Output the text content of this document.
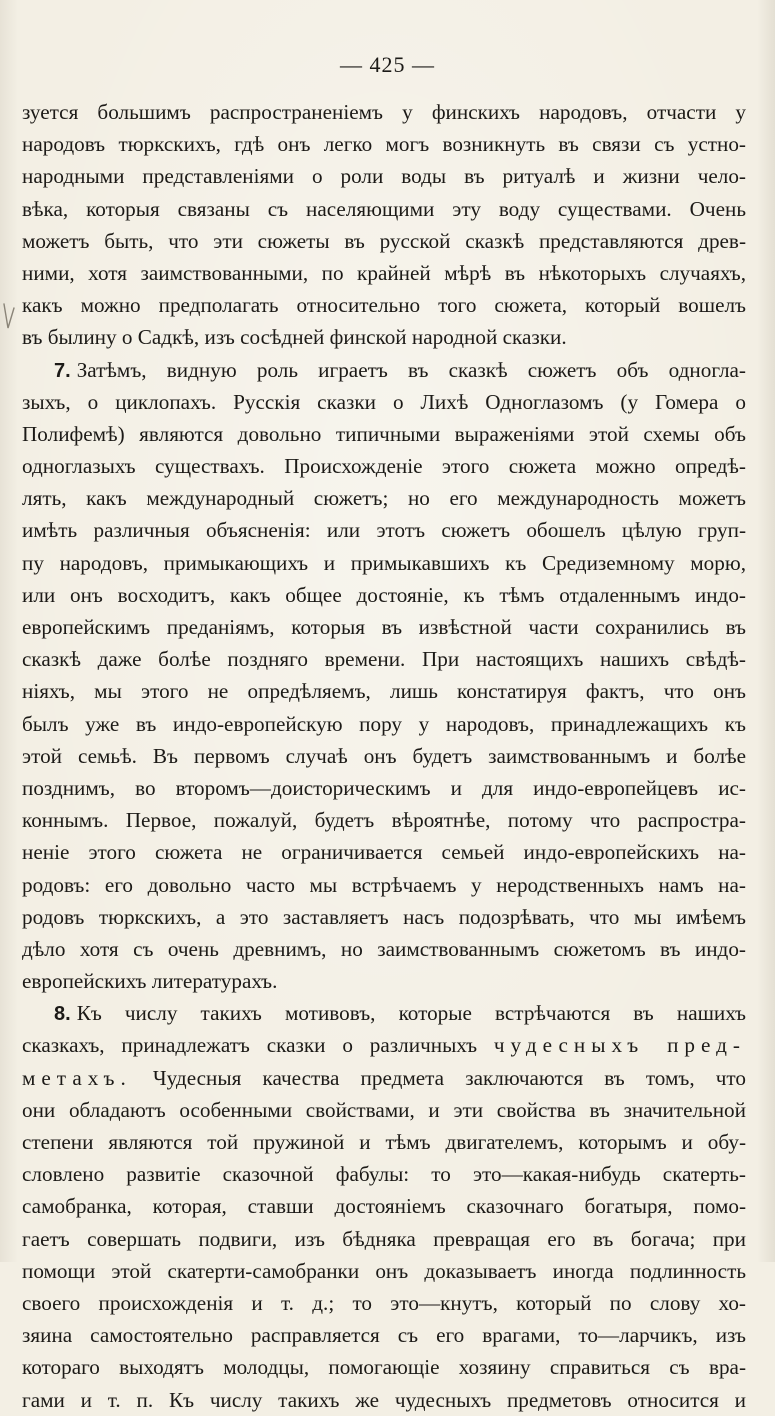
— 425 —
зуется большимъ распространеніемъ у финскихъ народовъ, отчасти у
народовъ тюркскихъ, гдѣ онъ легко могъ возникнуть въ связи съ устно-
народными представленіями о роли воды въ ритуалѣ и жизни чело-
вѣка, которыя связаны съ населяющими эту воду существами. Очень
можетъ быть, что эти сюжеты въ русской сказкѣ представляются древ-
ними, хотя заимствованными, по крайней мѣрѣ въ нѣкоторыхъ случаяхъ,
какъ можно предполагать относительно того сюжета, который вошелъ
въ былину о Садкѣ, изъ сосѣдней финской народной сказки.
7. Затѣмъ, видную роль играетъ въ сказкѣ сюжетъ объ одногла-
зыхъ, о циклопахъ. Русскія сказки о Лихѣ Одноглазомъ (у Гомера о
Полифемѣ) являются довольно типичными выраженіями этой схемы объ
одноглазыхъ существахъ. Происхожденіе этого сюжета можно опредѣ-
лять, какъ международный сюжетъ; но его международность можетъ
имѣть различныя объясненія: или этотъ сюжетъ обошелъ цѣлую груп-
пу народовъ, примыкающихъ и примыкавшихъ къ Средиземному морю,
или онъ восходитъ, какъ общее достояніе, къ тѣмъ отдаленнымъ индо-
европейскимъ преданіямъ, которыя въ извѣстной части сохранились въ
сказкѣ даже болѣе поздняго времени. При настоящихъ нашихъ свѣдѣ-
ніяхъ, мы этого не опредѣляемъ, лишь констатируя фактъ, что онъ
былъ уже въ индо-европейскую пору у народовъ, принадлежащихъ къ
этой семьѣ. Въ первомъ случаѣ онъ будетъ заимствованнымъ и болѣе
позднимъ, во второмъ—доисторическимъ и для индо-европейцевъ ис-
коннымъ. Первое, пожалуй, будетъ вѣроятнѣе, потому что распростра-
неніе этого сюжета не ограничивается семьей индо-европейскихъ на-
родовъ: его довольно часто мы встрѣчаемъ у неродственныхъ намъ на-
родовъ тюркскихъ, а это заставляетъ насъ подозрѣвать, что мы имѣемъ
дѣло хотя съ очень древнимъ, но заимствованнымъ сюжетомъ въ индо-
европейскихъ литературахъ.
8. Къ числу такихъ мотивовъ, которые встрѣчаются въ нашихъ
сказкахъ, принадлежатъ сказки о различныхъ чудесныхъ пред-
метахъ. Чудесныя качества предмета заключаются въ томъ, что
они обладаютъ особенными свойствами, и эти свойства въ значительной
степени являются той пружиной и тѣмъ двигателемъ, которымъ и обу-
словлено развитіе сказочной фабулы: то это—какая-нибудь скатерть-
самобранка, которая, ставши достояніемъ сказочнаго богатыря, помо-
гаетъ совершать подвиги, изъ бѣдняка превращая его въ богача; при
помощи этой скатерти-самобранки онъ доказываетъ иногда подлинность
своего происхожденія и т. д.; то это—кнутъ, который по слову хо-
зяина самостоятельно расправляется съ его врагами, то—ларчикъ, изъ
котораго выходятъ молодцы, помогающіе хозяину справиться съ вра-
гами и т. п. Къ числу такихъ же чудесныхъ предметовъ относится и
